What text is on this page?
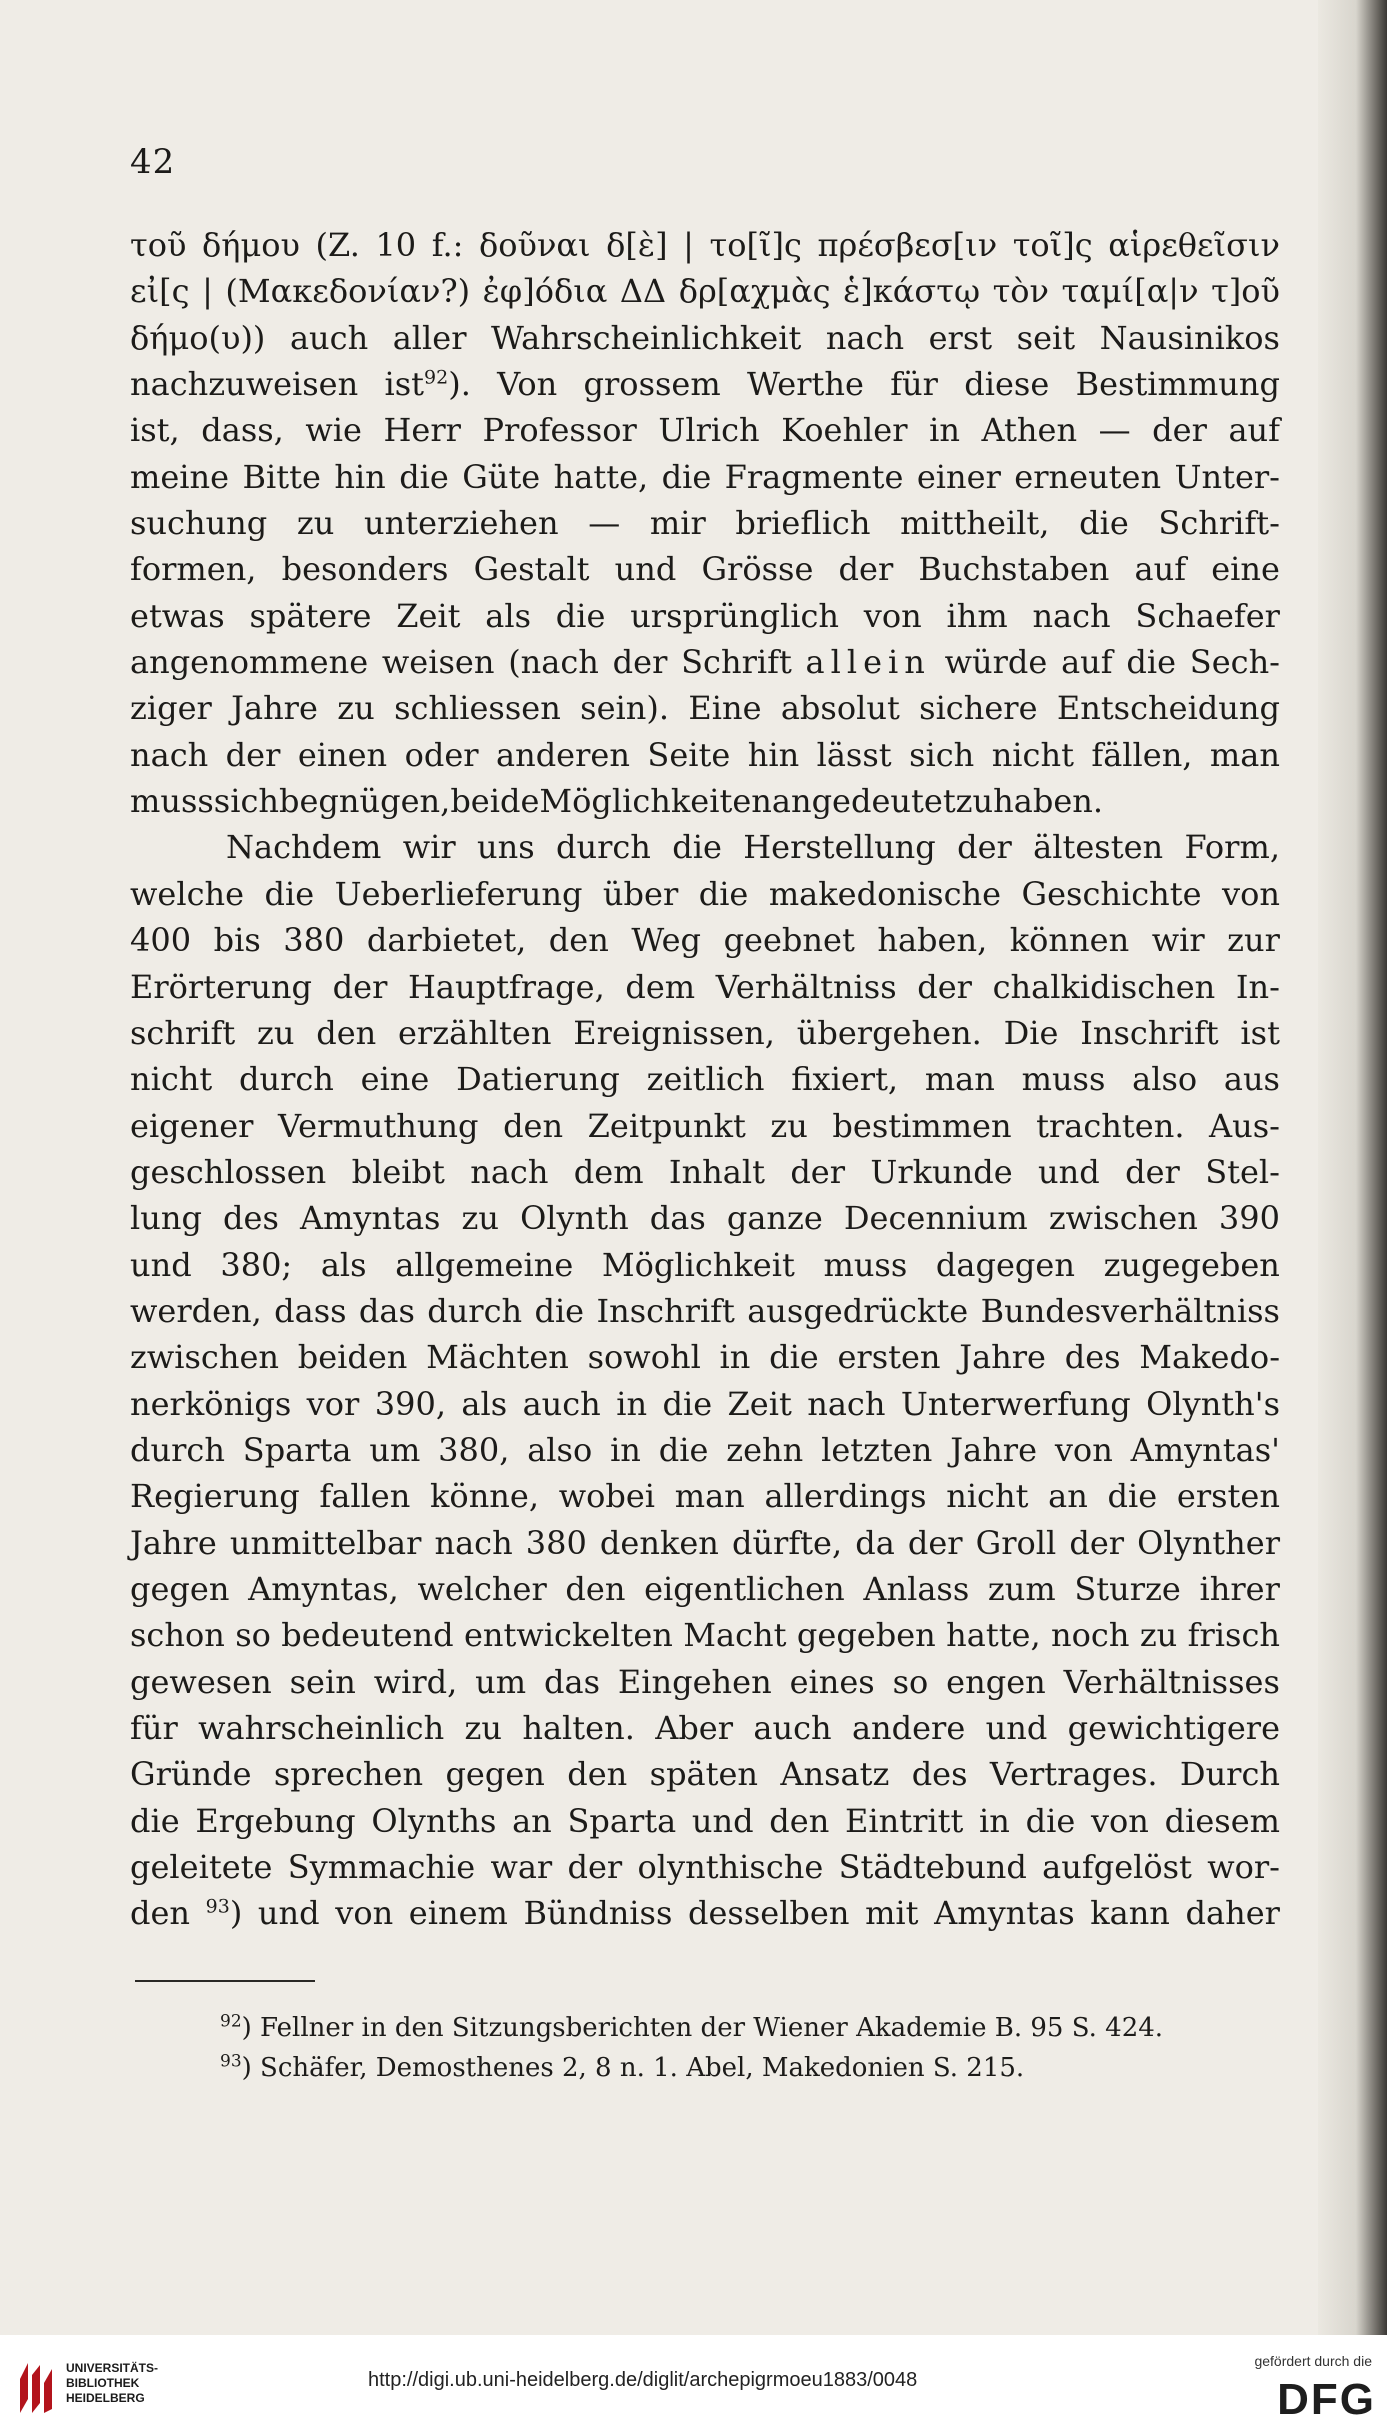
42
τοῦ δήμου (Z. 10 f.: δοῦναι δ[ὲ] | το[ῖ]ς πρέσβεσ[ιν τοῖ]ς αἱρεθεῖσιν
εἰ[ς | (Μακεδονίαν?) ἐφ]όδια ΔΔ δρ[αχμὰς ἑ]κάστῳ τὸν ταμί[α|ν τ]οῦ
δήμο(υ)) auch aller Wahrscheinlichkeit nach erst seit Nausinikos
nachzuweisen ist$^{92}$). Von grossem Werthe für diese Bestimmung
ist, dass, wie Herr Professor Ulrich Koehler in Athen — der auf
meine Bitte hin die Güte hatte, die Fragmente einer erneuten Unter-
suchung zu unterziehen — mir brieflich mittheilt, die Schrift-
formen, besonders Gestalt und Grösse der Buchstaben auf eine
etwas spätere Zeit als die ursprünglich von ihm nach Schaefer
angenommene weisen (nach der Schrift allein würde auf die Sech-
ziger Jahre zu schliessen sein). Eine absolut sichere Entscheidung
nach der einen oder anderen Seite hin lässt sich nicht fällen, man
muss sich begnügen, beide Möglichkeiten angedeutet zu haben.
Nachdem wir uns durch die Herstellung der ältesten Form,
welche die Ueberlieferung über die makedonische Geschichte von
400 bis 380 darbietet, den Weg geebnet haben, können wir zur
Erörterung der Hauptfrage, dem Verhältniss der chalkidischen In-
schrift zu den erzählten Ereignissen, übergehen. Die Inschrift ist
nicht durch eine Datierung zeitlich fixiert, man muss also aus
eigener Vermuthung den Zeitpunkt zu bestimmen trachten. Aus-
geschlossen bleibt nach dem Inhalt der Urkunde und der Stel-
lung des Amyntas zu Olynth das ganze Decennium zwischen 390
und 380; als allgemeine Möglichkeit muss dagegen zugegeben
werden, dass das durch die Inschrift ausgedrückte Bundesverhältniss
zwischen beiden Mächten sowohl in die ersten Jahre des Makedo-
nerkönigs vor 390, als auch in die Zeit nach Unterwerfung Olynth's
durch Sparta um 380, also in die zehn letzten Jahre von Amyntas'
Regierung fallen könne, wobei man allerdings nicht an die ersten
Jahre unmittelbar nach 380 denken dürfte, da der Groll der Olynther
gegen Amyntas, welcher den eigentlichen Anlass zum Sturze ihrer
schon so bedeutend entwickelten Macht gegeben hatte, noch zu frisch
gewesen sein wird, um das Eingehen eines so engen Verhältnisses
für wahrscheinlich zu halten. Aber auch andere und gewichtigere
Gründe sprechen gegen den späten Ansatz des Vertrages. Durch
die Ergebung Olynths an Sparta und den Eintritt in die von diesem
geleitete Symmachie war der olynthische Städtebund aufgelöst wor-
den $^{93}$) und von einem Bündniss desselben mit Amyntas kann daher
$^{92}$) Fellner in den Sitzungsberichten der Wiener Akademie B. 95 S. 424.
$^{93}$) Schäfer, Demosthenes 2, 8 n. 1. Abel, Makedonien S. 215.
UNIVERSITÄTS-
BIBLIOTHEK
HEIDELBERG
http://digi.ub.uni-heidelberg.de/diglit/archepigrmoeu1883/0048
gefördert durch die
DFG
